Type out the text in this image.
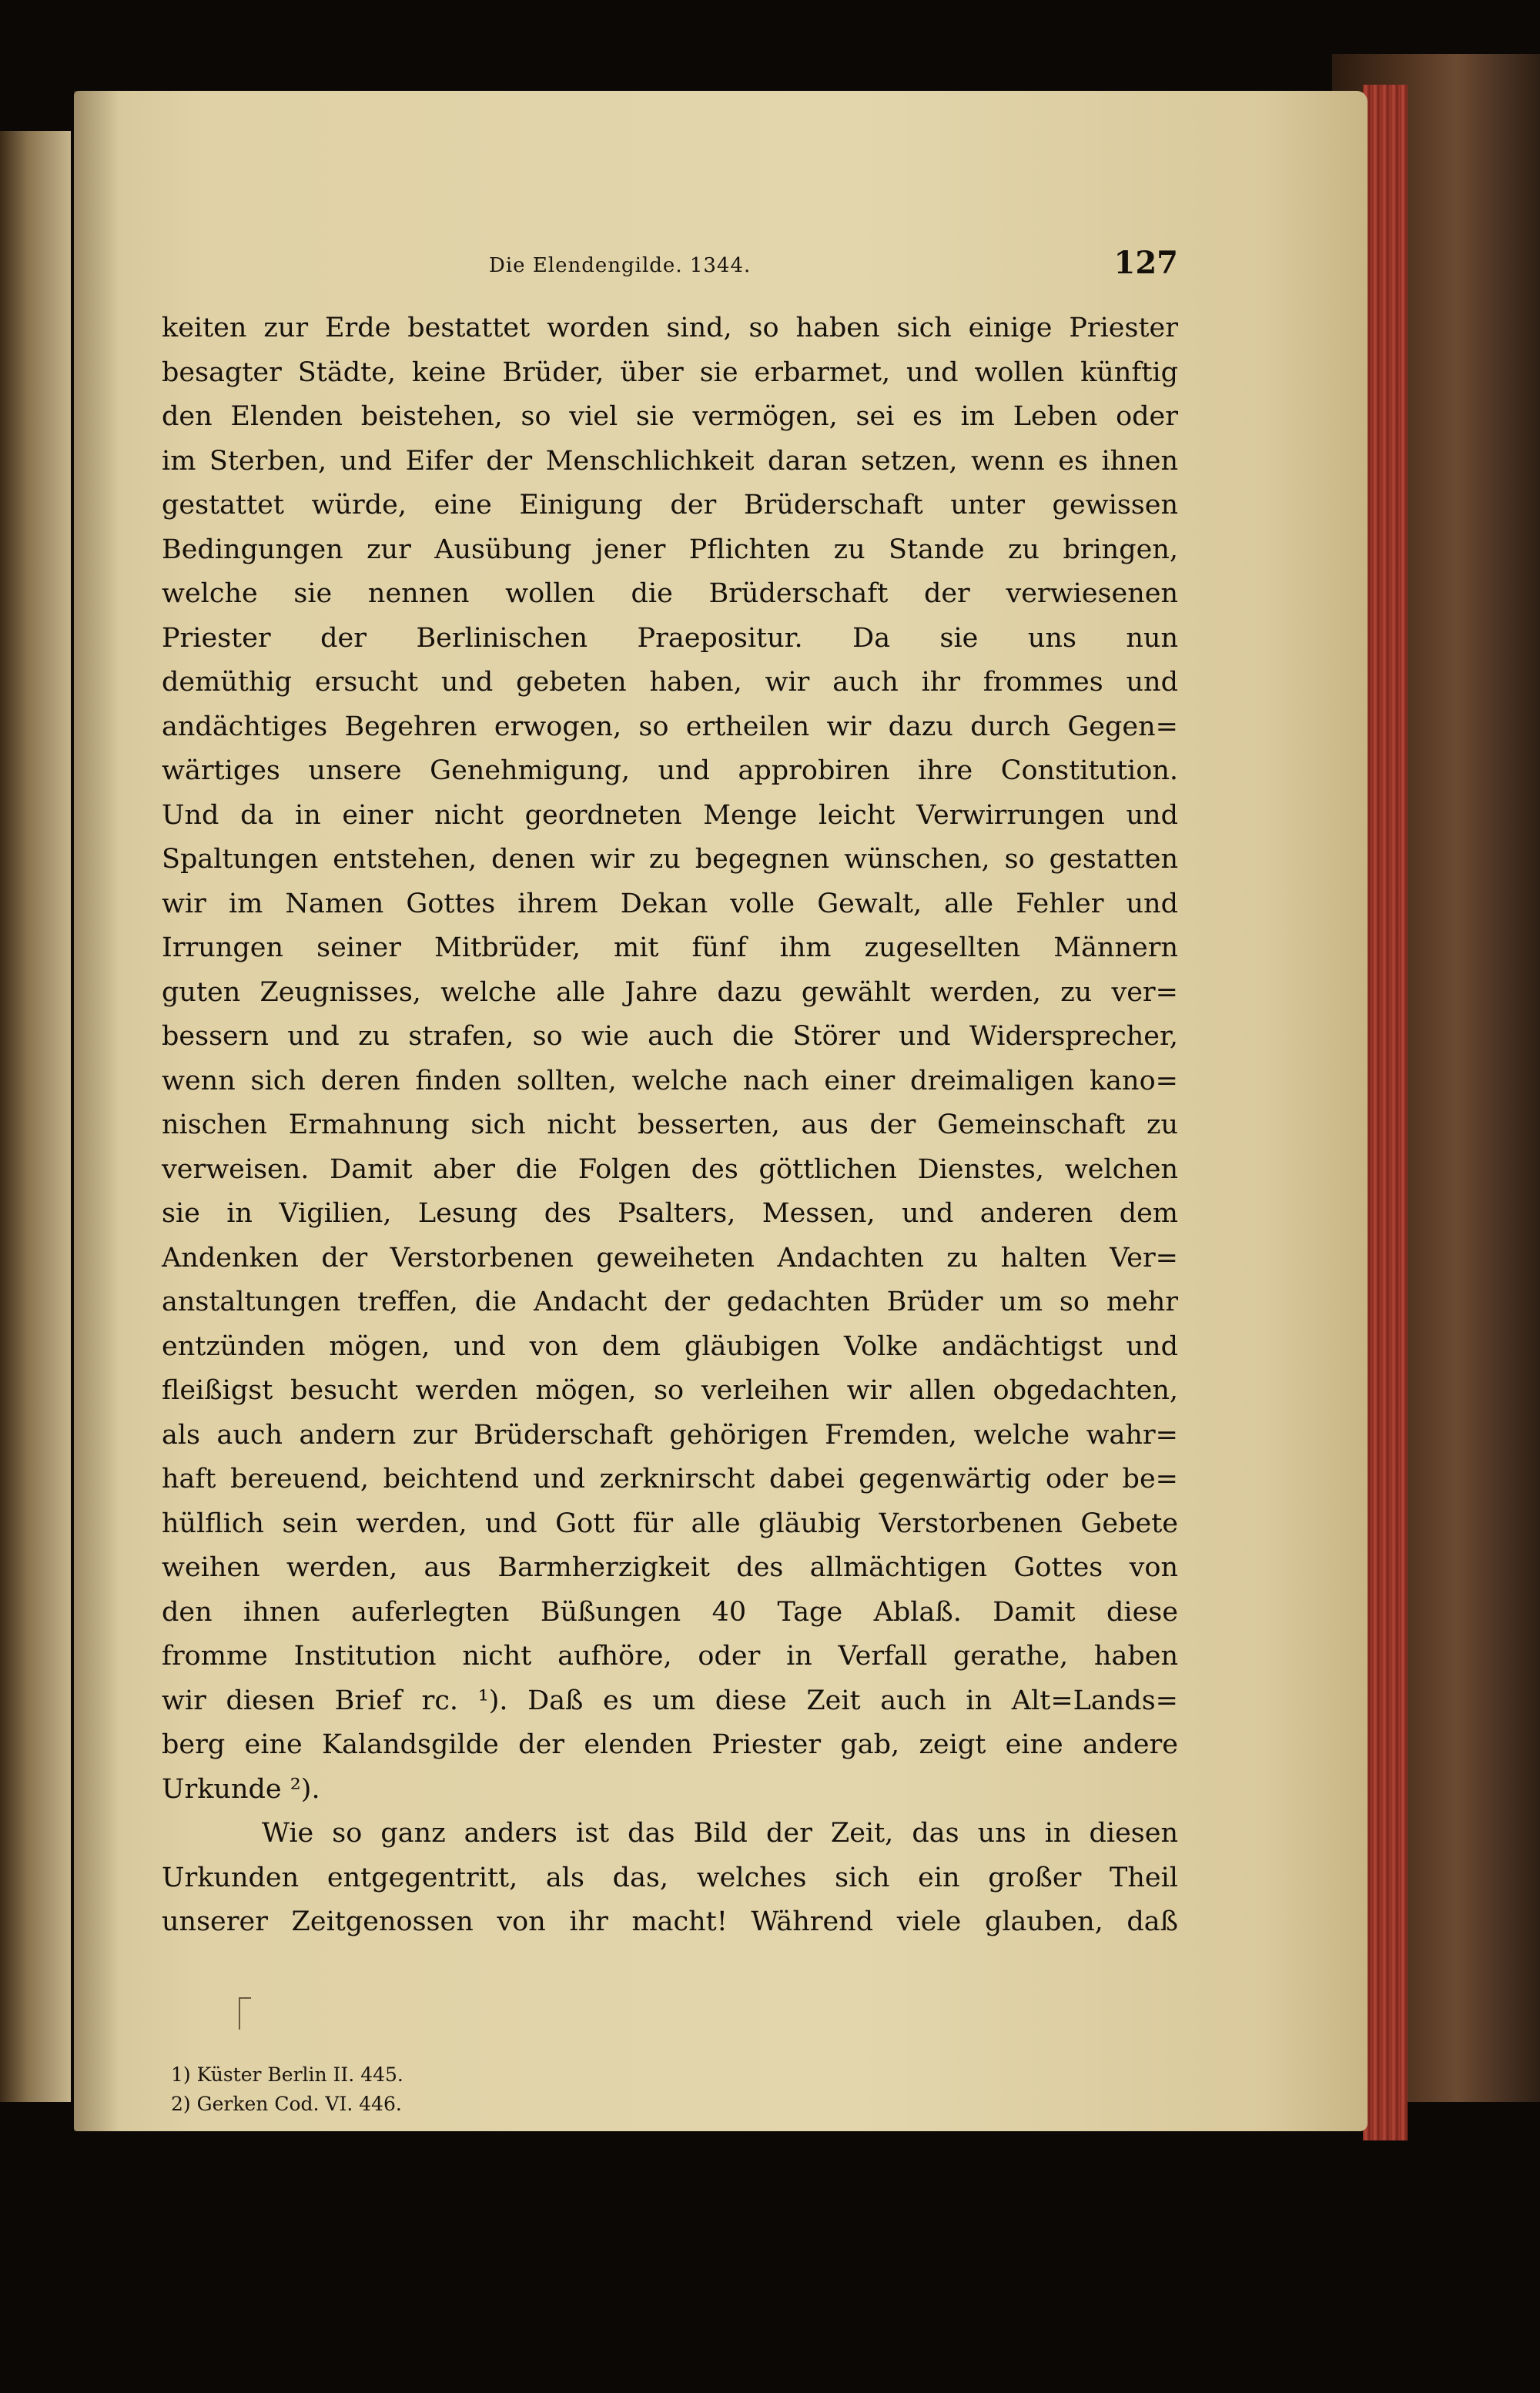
Die Elendengilde. 1344.	127
keiten zur Erde bestattet worden sind, so haben sich einige Priester
besagter Städte, keine Brüder, über sie erbarmet, und wollen künftig
den Elenden beistehen, so viel sie vermögen, sei es im Leben oder
im Sterben, und Eifer der Menschlichkeit daran setzen, wenn es ihnen
gestattet würde, eine Einigung der Brüderschaft unter gewissen
Bedingungen zur Ausübung jener Pflichten zu Stande zu bringen,
welche sie nennen wollen die Brüderschaft der verwiesenen
Priester der Berlinischen Praepositur. Da sie uns nun
demüthig ersucht und gebeten haben, wir auch ihr frommes und
andächtiges Begehren erwogen, so ertheilen wir dazu durch Gegen=
wärtiges unsere Genehmigung, und approbiren ihre Constitution.
Und da in einer nicht geordneten Menge leicht Verwirrungen und
Spaltungen entstehen, denen wir zu begegnen wünschen, so gestatten
wir im Namen Gottes ihrem Dekan volle Gewalt, alle Fehler und
Irrungen seiner Mitbrüder, mit fünf ihm zugesellten Männern
guten Zeugnisses, welche alle Jahre dazu gewählt werden, zu ver=
bessern und zu strafen, so wie auch die Störer und Widersprecher,
wenn sich deren finden sollten, welche nach einer dreimaligen kano=
nischen Ermahnung sich nicht besserten, aus der Gemeinschaft zu
verweisen. Damit aber die Folgen des göttlichen Dienstes, welchen
sie in Vigilien, Lesung des Psalters, Messen, und anderen dem
Andenken der Verstorbenen geweiheten Andachten zu halten Ver=
anstaltungen treffen, die Andacht der gedachten Brüder um so mehr
entzünden mögen, und von dem gläubigen Volke andächtigst und
fleißigst besucht werden mögen, so verleihen wir allen obgedachten,
als auch andern zur Brüderschaft gehörigen Fremden, welche wahr=
haft bereuend, beichtend und zerknirscht dabei gegenwärtig oder be=
hülflich sein werden, und Gott für alle gläubig Verstorbenen Gebete
weihen werden, aus Barmherzigkeit des allmächtigen Gottes von
den ihnen auferlegten Büßungen 40 Tage Ablaß. Damit diese
fromme Institution nicht aufhöre, oder in Verfall gerathe, haben
wir diesen Brief rc. ¹). Daß es um diese Zeit auch in Alt=Lands=
berg eine Kalandsgilde der elenden Priester gab, zeigt eine andere
Urkunde ²).
Wie so ganz anders ist das Bild der Zeit, das uns in diesen
Urkunden entgegentritt, als das, welches sich ein großer Theil
unserer Zeitgenossen von ihr macht! Während viele glauben, daß
1) Küster Berlin II. 445.
2) Gerken Cod. VI. 446.
